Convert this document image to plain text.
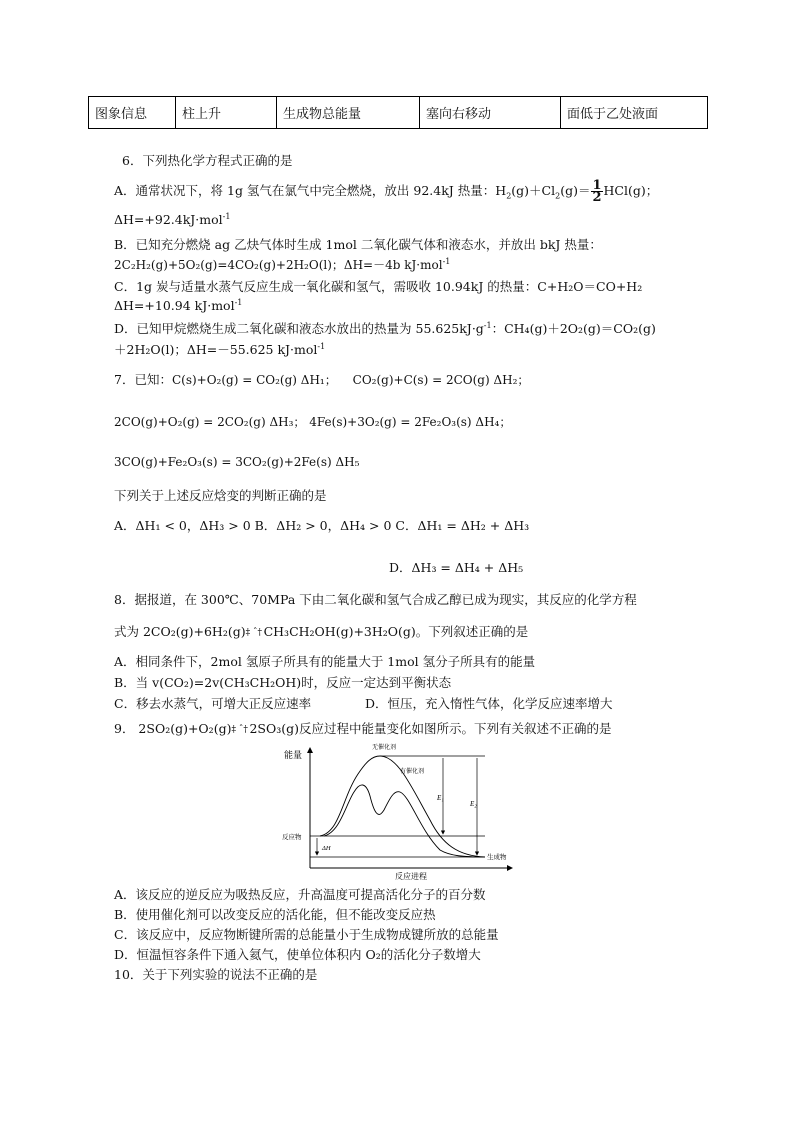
图象信息	柱上升	生成物总能量	塞向右移动	面低于乙处液面
6．下列热化学方程式正确的是
A．通常状况下，将 1g 氢气在氯气中完全燃烧，放出 92.4kJ 热量：$H_2(g)+Cl_2(g)= \frac{1}{2} HCl(g)$；
ΔH=+92.4kJ·mol$^{-1}$
B．已知充分燃烧 ag 乙炔气体时生成 1mol 二氧化碳气体和液态水，并放出 bkJ 热量：
2C₂H₂(g)+5O₂(g)=4CO₂(g)+2H₂O(l)；ΔH=－4b kJ·mol$^{-1}$
C．1g 炭与适量水蒸气反应生成一氧化碳和氢气，需吸收 10.94kJ 的热量：C+H₂O＝CO+H₂
ΔH=+10.94 kJ·mol$^{-1}$
D．已知甲烷燃烧生成二氧化碳和液态水放出的热量为 $55.625kJ\cdot g^{-1}$：CH₄(g)＋2O₂(g)＝CO₂(g)
＋2H₂O(l)；ΔH=－55.625 kJ·mol$^{-1}$
7．已知：C(s)+O₂(g) = CO₂(g) ΔH₁； CO₂(g)+C(s) = 2CO(g) ΔH₂；
2CO(g)+O₂(g) = 2CO₂(g) ΔH₃； 4Fe(s)+3O₂(g) = 2Fe₂O₃(s) ΔH₄；
3CO(g)+Fe₂O₃(s) = 3CO₂(g)+2Fe(s) ΔH₅
下列关于上述反应焓变的判断正确的是
A．ΔH₁ < 0，ΔH₃ > 0 B．ΔH₂ > 0，ΔH₄ > 0 C．ΔH₁ = ΔH₂ + ΔH₃
D．ΔH₃ = ΔH₄ + ΔH₅
8．据报道，在 300℃、70MPa 下由二氧化碳和氢气合成乙醇已成为现实，其反应的化学方程
式为 2CO₂(g)+6H₂(g)‡ ˆ† CH₃CH₂OH(g)+3H₂O(g)。下列叙述正确的是
A．相同条件下，2mol 氢原子所具有的能量大于 1mol 氢分子所具有的能量
B．当 v(CO₂)=2v(CH₃CH₂OH)时，反应一定达到平衡状态
C．移去水蒸气，可增大正反应速率	D．恒压，充入惰性气体，化学反应速率增大
9． 2SO₂(g)+O₂(g)‡ ˆ† 2SO₃(g)反应过程中能量变化如图所示。下列有关叙述不正确的是
能量
反应进程
反应物
生成物
无催化剂
有催化剂
E₁
E₂
ΔH
A．该反应的逆反应为吸热反应，升高温度可提高活化分子的百分数
B．使用催化剂可以改变反应的活化能，但不能改变反应热
C．该反应中，反应物断键所需的总能量小于生成物成键所放的总能量
D．恒温恒容条件下通入氦气，使单位体积内 O₂的活化分子数增大
10．关于下列实验的说法不正确的是
